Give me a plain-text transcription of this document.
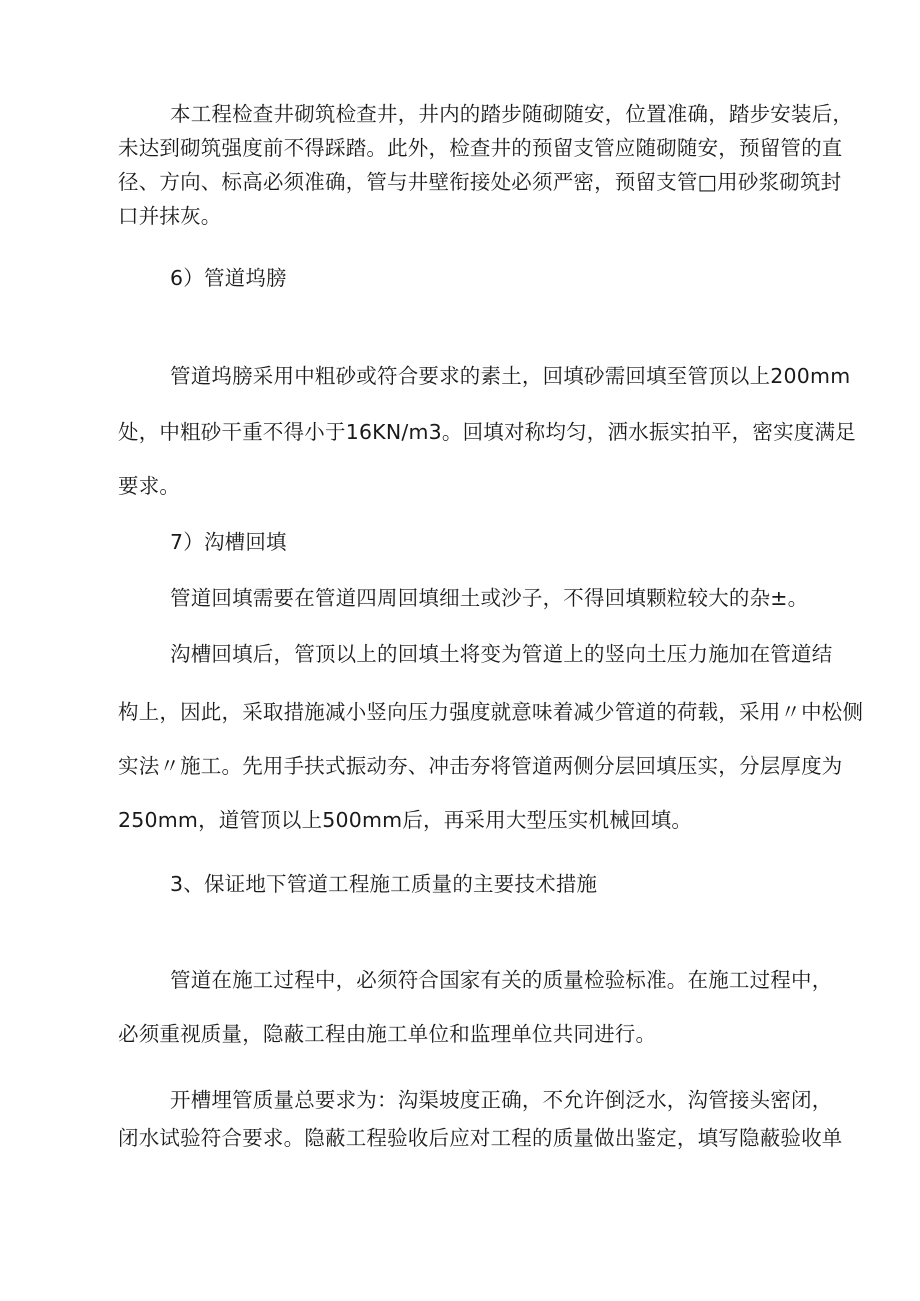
本工程检查井砌筑检查井，井内的踏步随砌随安，位置准确，踏步安装后，

未达到砌筑强度前不得踩踏。此外，检查井的预留支管应随砌随安，预留管的直

径、方向、标高必须准确，管与井壁衔接处必须严密，预留支管□用砂浆砌筑封

口并抹灰。

6）管道坞膀

管道坞膀采用中粗砂或符合要求的素土，回填砂需回填至管顶以上200mm

处，中粗砂干重不得小于16KN/m3。回填对称均匀，洒水振实拍平，密实度满足

要求。

7）沟槽回填

管道回填需要在管道四周回填细土或沙子，不得回填颗粒较大的杂±。

沟槽回填后，管顶以上的回填土将变为管道上的竖向土压力施加在管道结

构上，因此，采取措施减小竖向压力强度就意味着减少管道的荷载，采用〃中松侧

实法〃施工。先用手扶式振动夯、冲击夯将管道两侧分层回填压实，分层厚度为

250mm，道管顶以上500mm后，再采用大型压实机械回填。

3、保证地下管道工程施工质量的主要技术措施

管道在施工过程中，必须符合国家有关的质量检验标准。在施工过程中，

必须重视质量，隐蔽工程由施工单位和监理单位共同进行。

开槽埋管质量总要求为：沟渠坡度正确，不允许倒泛水，沟管接头密闭，

闭水试验符合要求。隐蔽工程验收后应对工程的质量做出鉴定，填写隐蔽验收单
